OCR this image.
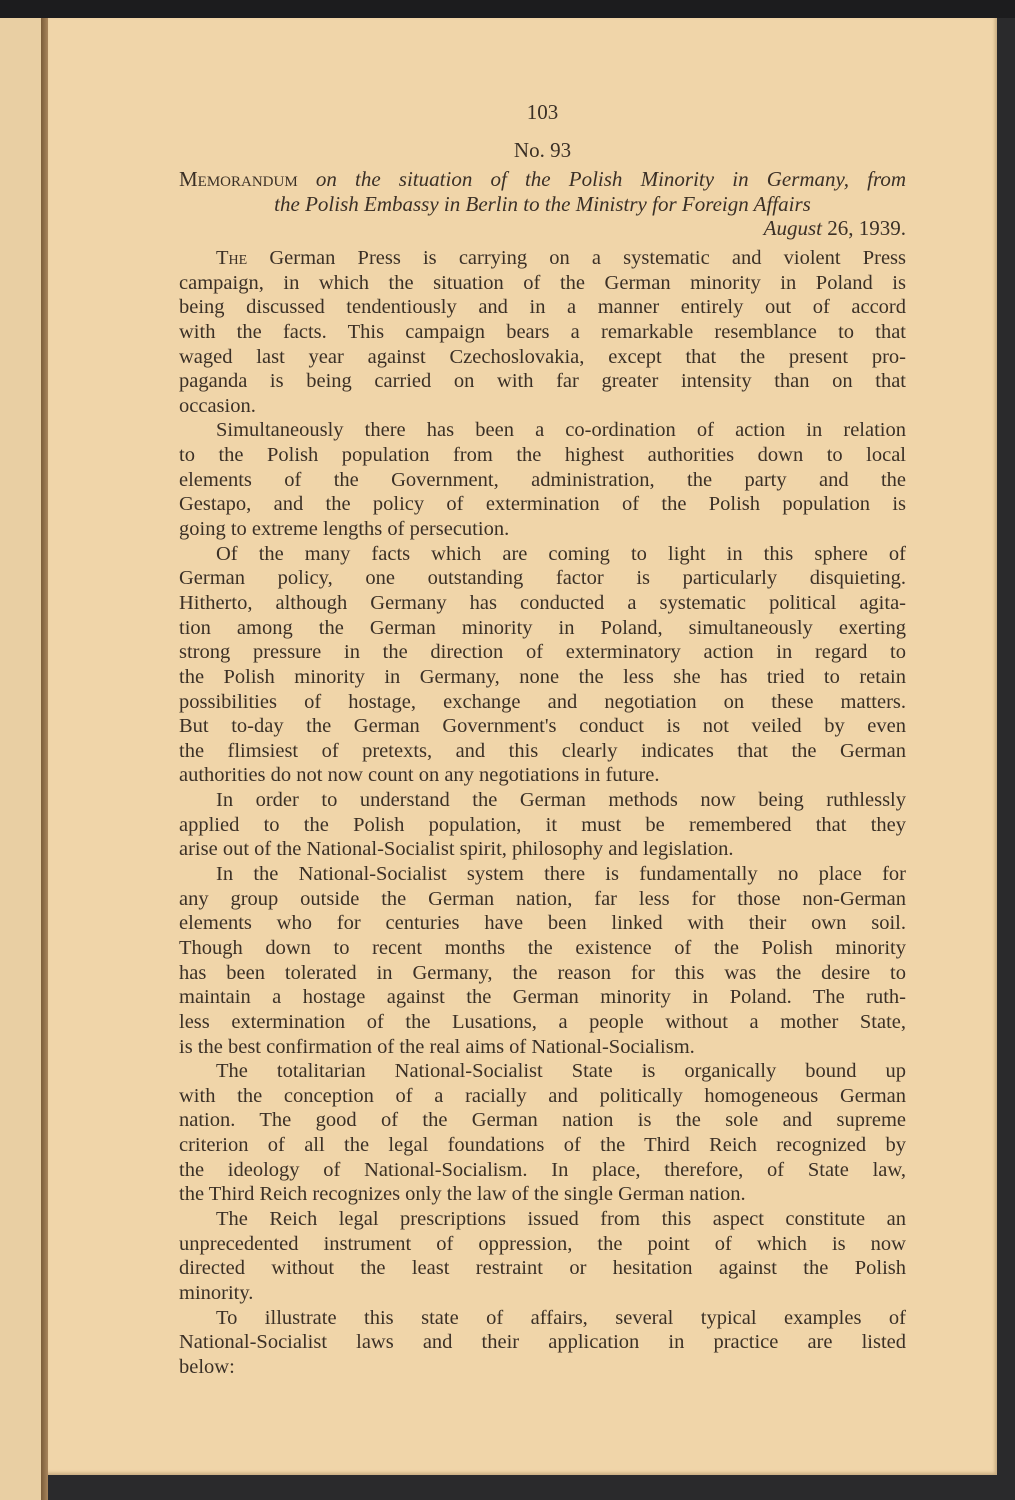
103
No. 93
Memorandum on the situation of the Polish Minority in Germany, from
the Polish Embassy in Berlin to the Ministry for Foreign Affairs
August 26, 1939.
The German Press is carrying on a systematic and violent Press
campaign, in which the situation of the German minority in Poland is
being discussed tendentiously and in a manner entirely out of accord
with the facts. This campaign bears a remarkable resemblance to that
waged last year against Czechoslovakia, except that the present pro-
paganda is being carried on with far greater intensity than on that
occasion.
Simultaneously there has been a co-ordination of action in relation
to the Polish population from the highest authorities down to local
elements of the Government, administration, the party and the
Gestapo, and the policy of extermination of the Polish population is
going to extreme lengths of persecution.
Of the many facts which are coming to light in this sphere of
German policy, one outstanding factor is particularly disquieting.
Hitherto, although Germany has conducted a systematic political agita-
tion among the German minority in Poland, simultaneously exerting
strong pressure in the direction of exterminatory action in regard to
the Polish minority in Germany, none the less she has tried to retain
possibilities of hostage, exchange and negotiation on these matters.
But to-day the German Government's conduct is not veiled by even
the flimsiest of pretexts, and this clearly indicates that the German
authorities do not now count on any negotiations in future.
In order to understand the German methods now being ruthlessly
applied to the Polish population, it must be remembered that they
arise out of the National-Socialist spirit, philosophy and legislation.
In the National-Socialist system there is fundamentally no place for
any group outside the German nation, far less for those non-German
elements who for centuries have been linked with their own soil.
Though down to recent months the existence of the Polish minority
has been tolerated in Germany, the reason for this was the desire to
maintain a hostage against the German minority in Poland. The ruth-
less extermination of the Lusations, a people without a mother State,
is the best confirmation of the real aims of National-Socialism.
The totalitarian National-Socialist State is organically bound up
with the conception of a racially and politically homogeneous German
nation. The good of the German nation is the sole and supreme
criterion of all the legal foundations of the Third Reich recognized by
the ideology of National-Socialism. In place, therefore, of State law,
the Third Reich recognizes only the law of the single German nation.
The Reich legal prescriptions issued from this aspect constitute an
unprecedented instrument of oppression, the point of which is now
directed without the least restraint or hesitation against the Polish
minority.
To illustrate this state of affairs, several typical examples of
National-Socialist laws and their application in practice are listed
below:
